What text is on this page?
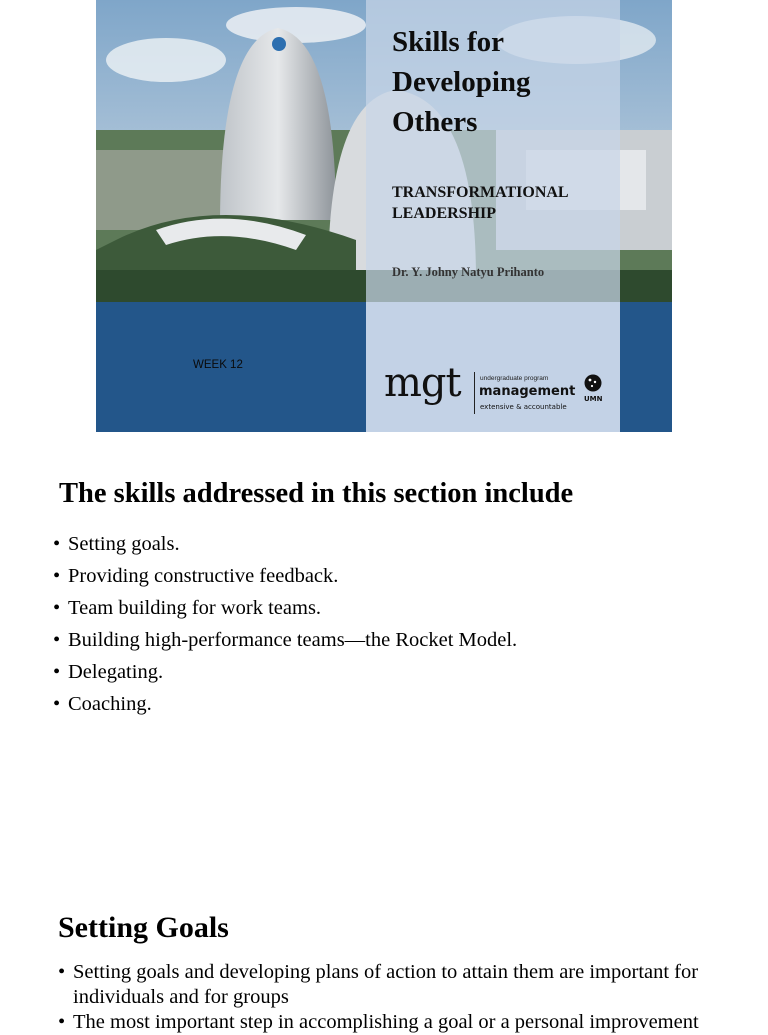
Skills for
Developing
Others
TRANSFORMATIONAL
LEADERSHIP
Dr. Y. Johny Natyu Prihanto
WEEK 12	mgt	undergraduate program
management
extensive & accountable
UMN
The skills addressed in this section include
• Setting goals.
• Providing constructive feedback.
• Team building for work teams.
• Building high-performance teams—the Rocket Model.
• Delegating.
• Coaching.
Setting Goals
• Setting goals and developing plans of action to attain them are important for individuals and for groups
• The most important step in accomplishing a goal or a personal improvement
